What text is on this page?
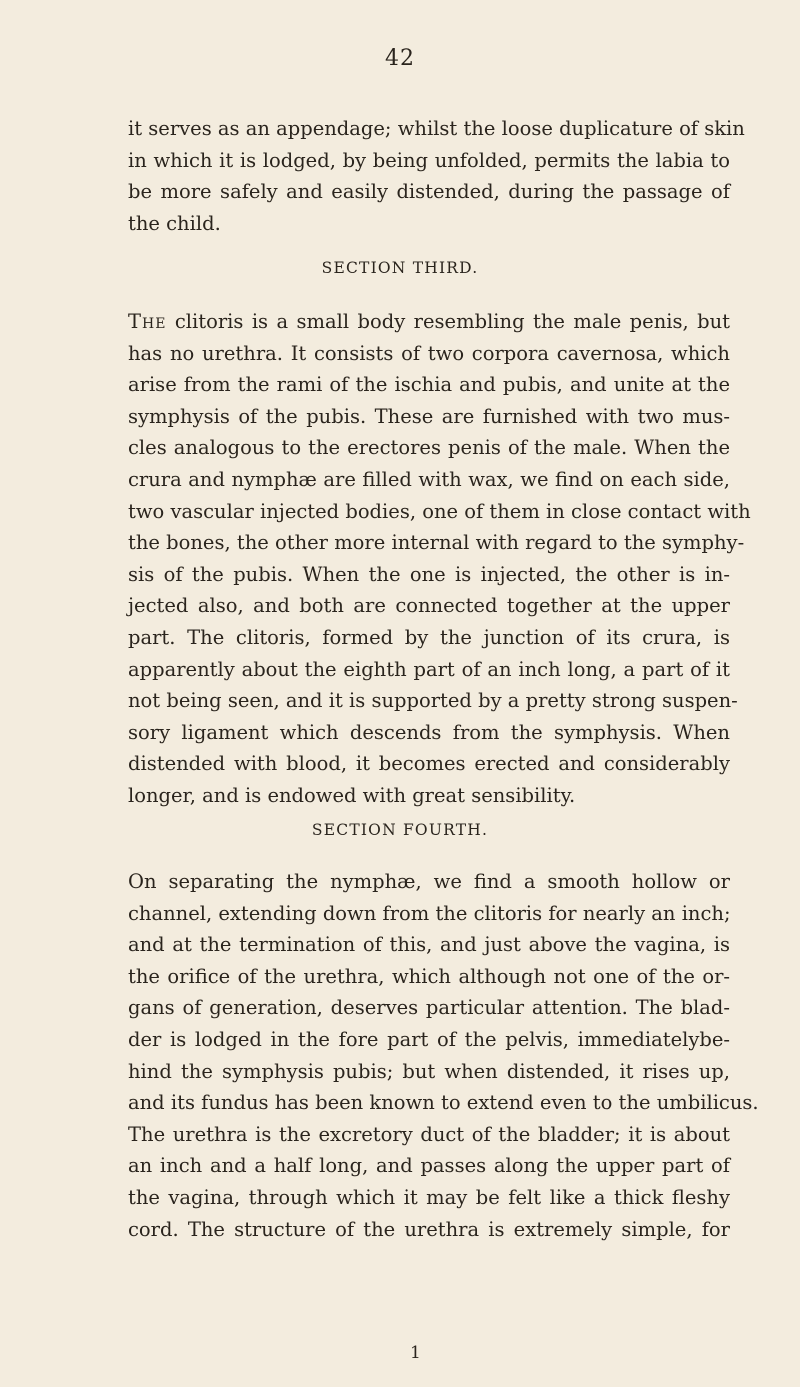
42

it serves as an appendage; whilst the loose duplicature of skin
in which it is lodged, by being unfolded, permits the labia to
be more safely and easily distended, during the passage of
the child.

SECTION THIRD.

The clitoris is a small body resembling the male penis, but
has no urethra. It consists of two corpora cavernosa, which
arise from the rami of the ischia and pubis, and unite at the
symphysis of the pubis. These are furnished with two mus-
cles analogous to the erectores penis of the male. When the
crura and nymphæ are filled with wax, we find on each side,
two vascular injected bodies, one of them in close contact with
the bones, the other more internal with regard to the symphy-
sis of the pubis. When the one is injected, the other is in-
jected also, and both are connected together at the upper
part. The clitoris, formed by the junction of its crura, is
apparently about the eighth part of an inch long, a part of it
not being seen, and it is supported by a pretty strong suspen-
sory ligament which descends from the symphysis. When
distended with blood, it becomes erected and considerably
longer, and is endowed with great sensibility.

SECTION FOURTH.

On separating the nymphæ, we find a smooth hollow or
channel, extending down from the clitoris for nearly an inch;
and at the termination of this, and just above the vagina, is
the orifice of the urethra, which although not one of the or-
gans of generation, deserves particular attention. The blad-
der is lodged in the fore part of the pelvis, immediatelybe-
hind the symphysis pubis; but when distended, it rises up,
and its fundus has been known to extend even to the umbilicus.
The urethra is the excretory duct of the bladder; it is about
an inch and a half long, and passes along the upper part of
the vagina, through which it may be felt like a thick fleshy
cord. The structure of the urethra is extremely simple, for

1
